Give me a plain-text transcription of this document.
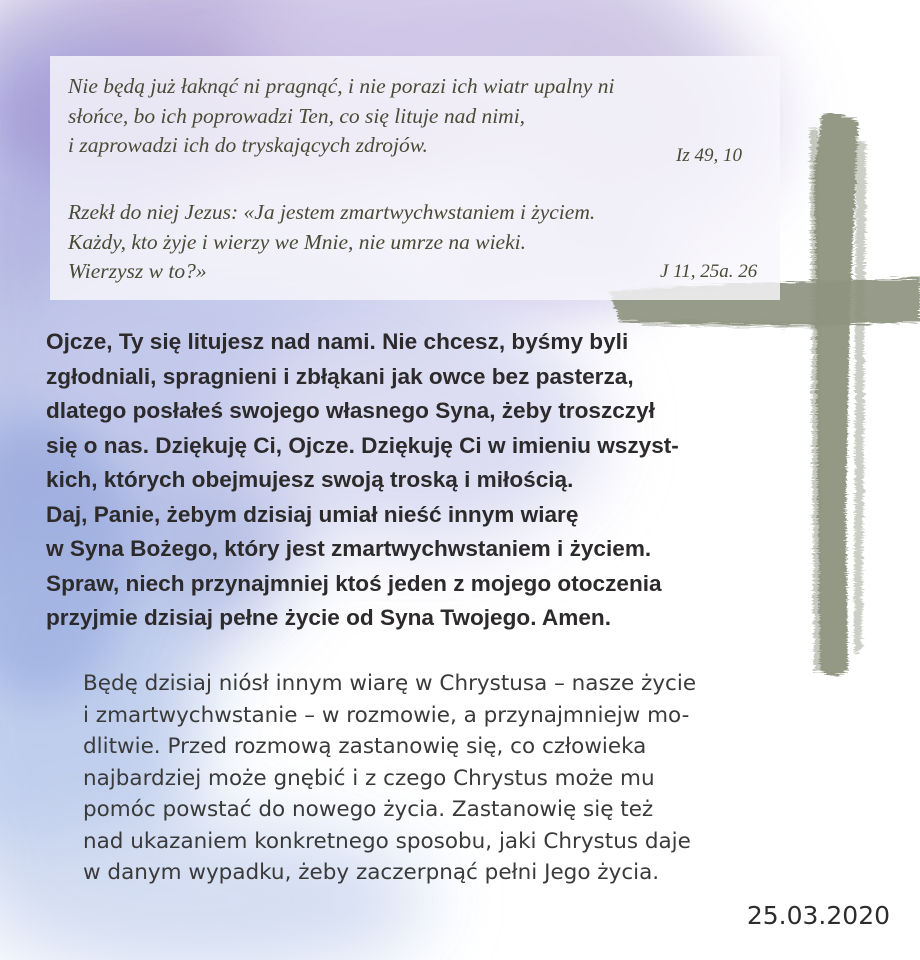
Nie będą już łaknąć ni pragnąć, i nie porazi ich wiatr upalny ni
słońce, bo ich poprowadzi Ten, co się lituje nad nimi,
i zaprowadzi ich do tryskających zdrojów.	Iz 49, 10

Rzekł do niej Jezus: «Ja jestem zmartwychwstaniem i życiem.
Każdy, kto żyje i wierzy we Mnie, nie umrze na wieki.
Wierzysz w to?»	J 11, 25a. 26

Ojcze, Ty się litujesz nad nami. Nie chcesz, byśmy byli
zgłodniali, spragnieni i zbłąkani jak owce bez pasterza,
dlatego posłałeś swojego własnego Syna, żeby troszczył
się o nas. Dziękuję Ci, Ojcze. Dziękuję Ci w imieniu wszyst-
kich, których obejmujesz swoją troską i miłością.
Daj, Panie, żebym dzisiaj umiał nieść innym wiarę
w Syna Bożego, który jest zmartwychwstaniem i życiem.
Spraw, niech przynajmniej ktoś jeden z mojego otoczenia
przyjmie dzisiaj pełne życie od Syna Twojego. Amen.

Będę dzisiaj niósł innym wiarę w Chrystusa – nasze życie
i zmartwychwstanie – w rozmowie, a przynajmniejw mo-
dlitwie. Przed rozmową zastanowię się, co człowieka
najbardziej może gnębić i z czego Chrystus może mu
pomóc powstać do nowego życia. Zastanowię się też
nad ukazaniem konkretnego sposobu, jaki Chrystus daje
w danym wypadku, żeby zaczerpnąć pełni Jego życia.

25.03.2020
